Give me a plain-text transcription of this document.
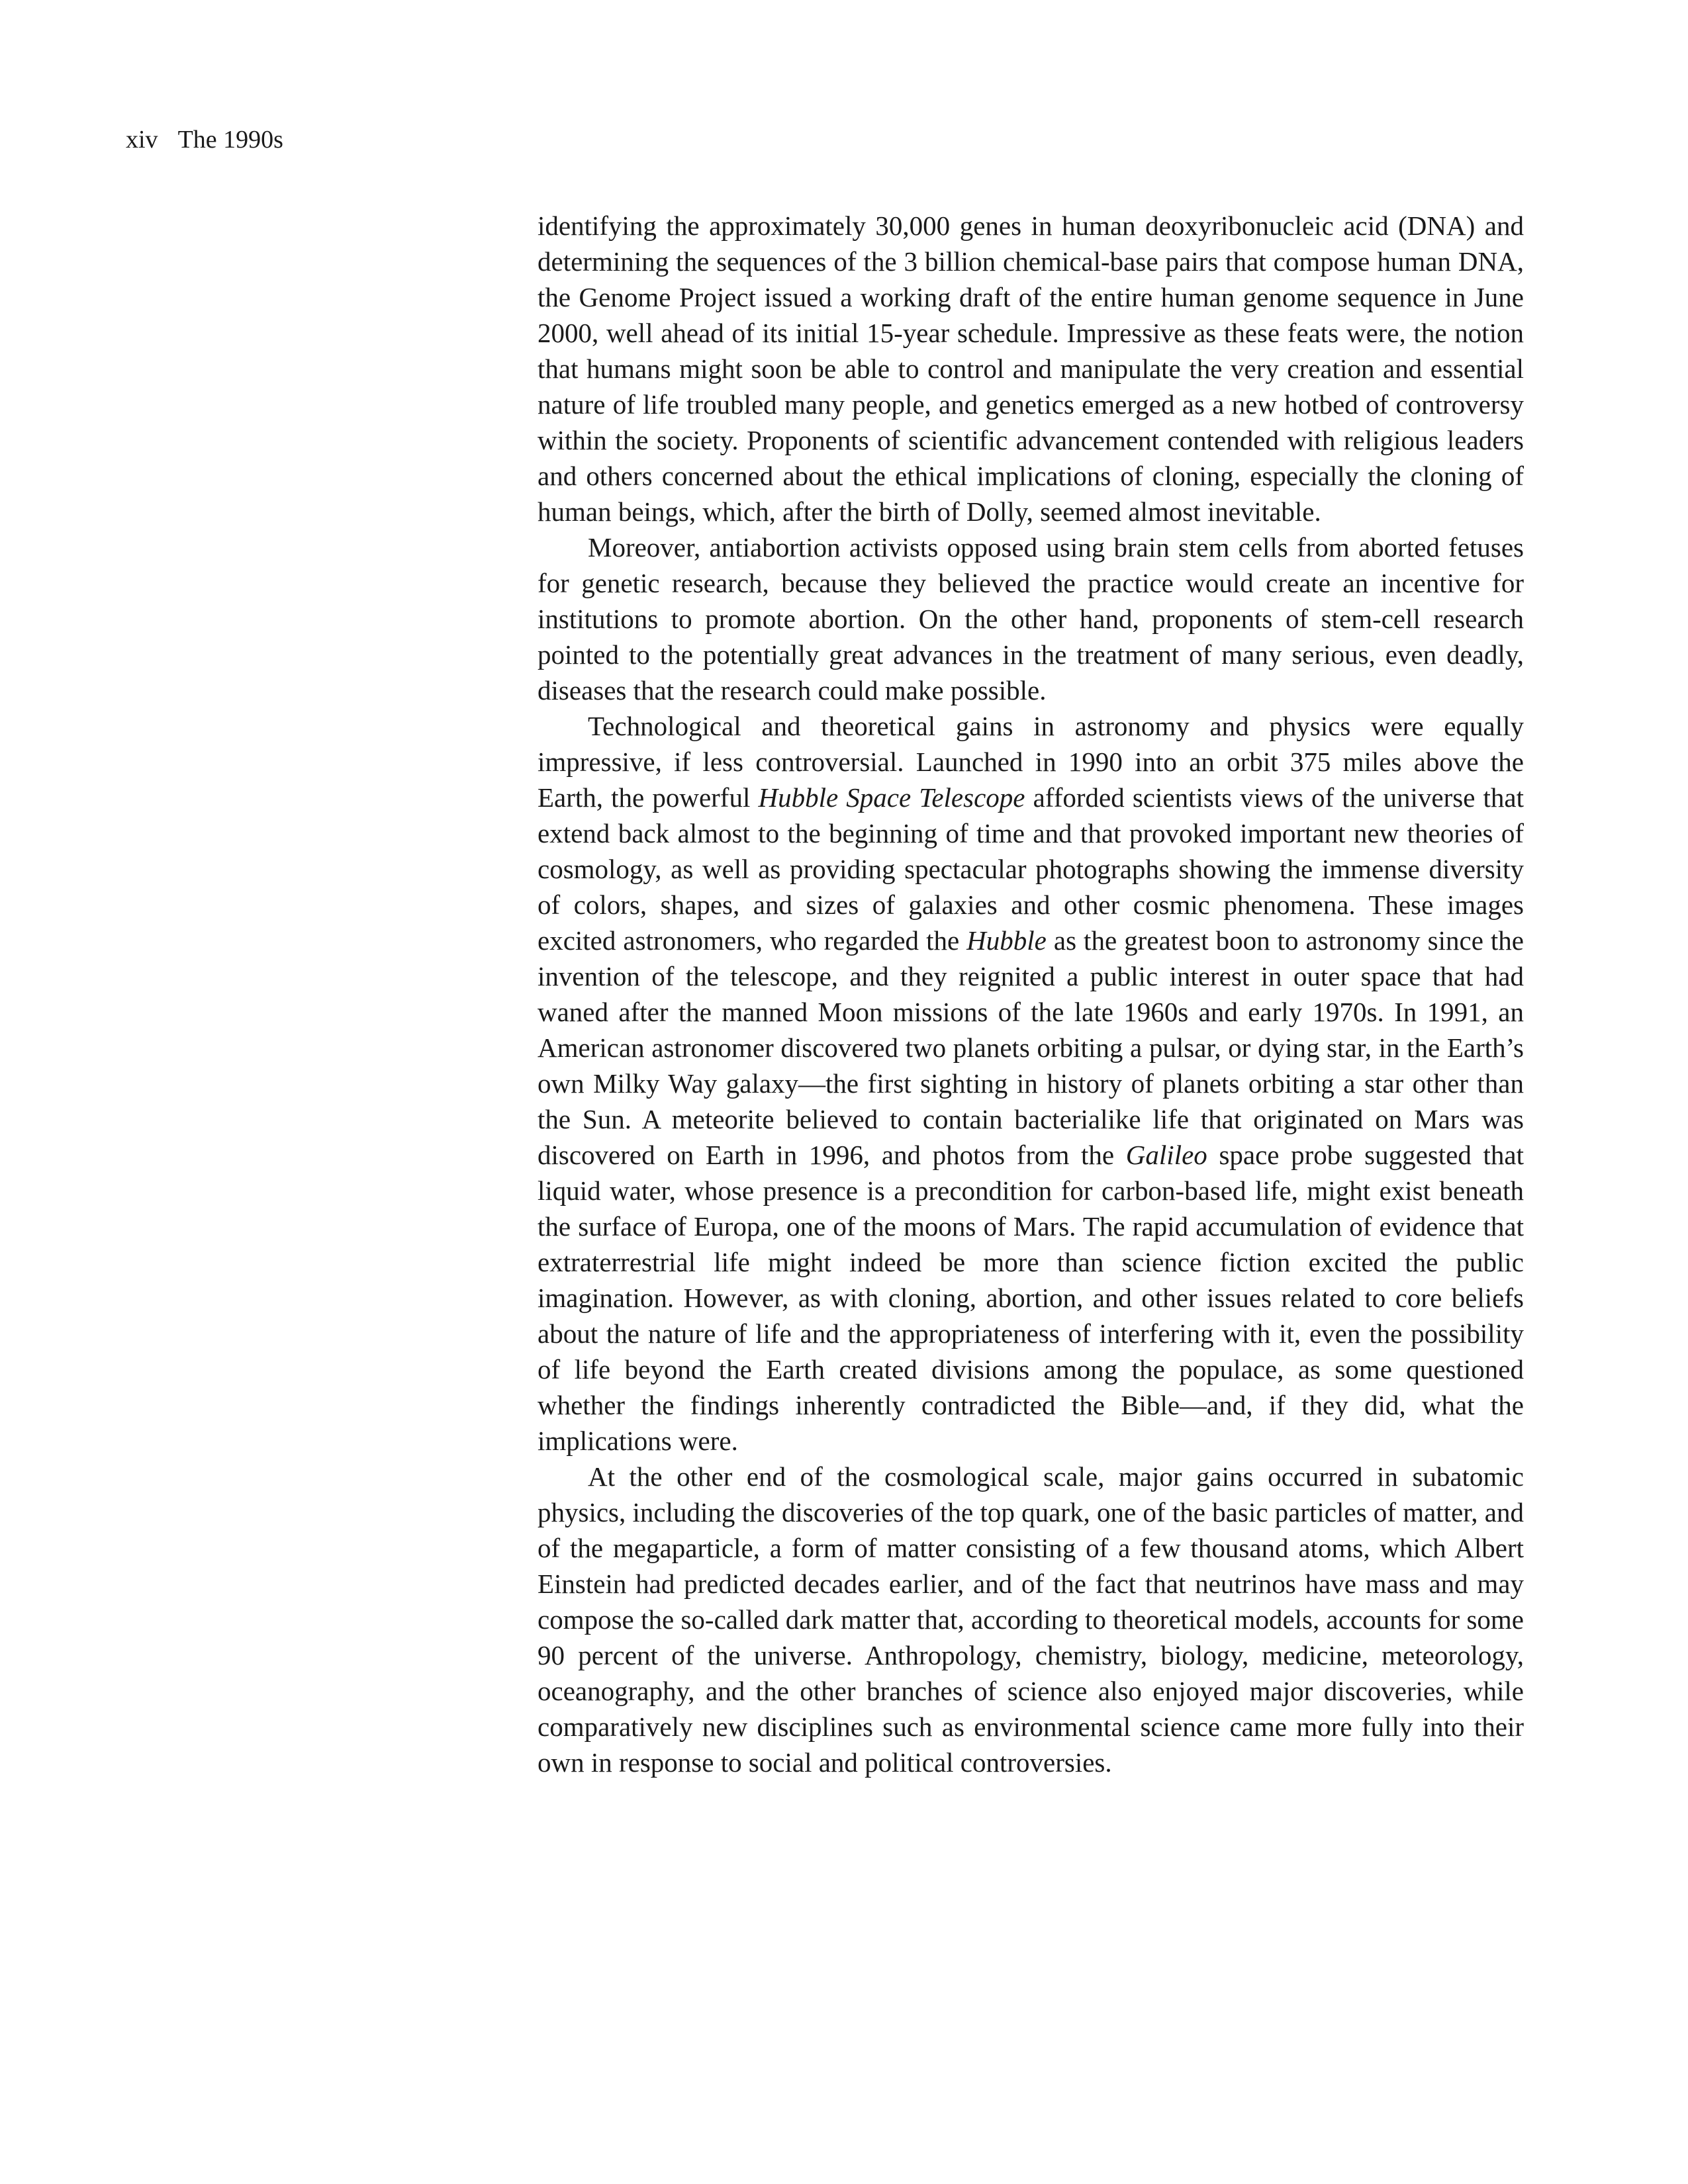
xiv The 1990s

identifying the approximately 30,000 genes in human deoxyribonucleic acid (DNA) and determining the sequences of the 3 billion chemical-base pairs that compose human DNA, the Genome Project issued a working draft of the entire human genome sequence in June 2000, well ahead of its initial 15-year schedule. Impressive as these feats were, the notion that humans might soon be able to control and manipulate the very creation and essential nature of life troubled many people, and genetics emerged as a new hotbed of controversy within the society. Proponents of scientific advancement contended with religious leaders and others concerned about the ethical implications of cloning, especially the cloning of human beings, which, after the birth of Dolly, seemed almost inevitable.

Moreover, antiabortion activists opposed using brain stem cells from aborted fetuses for genetic research, because they believed the practice would create an incentive for institutions to promote abortion. On the other hand, proponents of stem-cell research pointed to the potentially great advances in the treatment of many serious, even deadly, diseases that the research could make possible.

Technological and theoretical gains in astronomy and physics were equally impressive, if less controversial. Launched in 1990 into an orbit 375 miles above the Earth, the powerful Hubble Space Telescope afforded scientists views of the universe that extend back almost to the beginning of time and that provoked important new theories of cosmology, as well as providing spectacular photographs showing the immense diversity of colors, shapes, and sizes of galaxies and other cosmic phenomena. These images excited astronomers, who regarded the Hubble as the greatest boon to astronomy since the invention of the telescope, and they reignited a public interest in outer space that had waned after the manned Moon missions of the late 1960s and early 1970s. In 1991, an American astronomer discovered two planets orbiting a pulsar, or dying star, in the Earth’s own Milky Way galaxy—the first sighting in history of planets orbiting a star other than the Sun. A meteorite believed to contain bacterialike life that originated on Mars was discovered on Earth in 1996, and photos from the Galileo space probe suggested that liquid water, whose presence is a precondition for carbon-based life, might exist beneath the surface of Europa, one of the moons of Mars. The rapid accumulation of evidence that extraterrestrial life might indeed be more than science fiction excited the public imagination. However, as with cloning, abortion, and other issues related to core beliefs about the nature of life and the appropriateness of interfering with it, even the possibility of life beyond the Earth created divisions among the populace, as some questioned whether the findings inherently contradicted the Bible—and, if they did, what the implications were.

At the other end of the cosmological scale, major gains occurred in subatomic physics, including the discoveries of the top quark, one of the basic particles of matter, and of the megaparticle, a form of matter consisting of a few thousand atoms, which Albert Einstein had predicted decades earlier, and of the fact that neutrinos have mass and may compose the so-called dark matter that, according to theoretical models, accounts for some 90 percent of the universe. Anthropology, chemistry, biology, medicine, meteorology, oceanography, and the other branches of science also enjoyed major discoveries, while comparatively new disciplines such as environmental science came more fully into their own in response to social and political controversies.
